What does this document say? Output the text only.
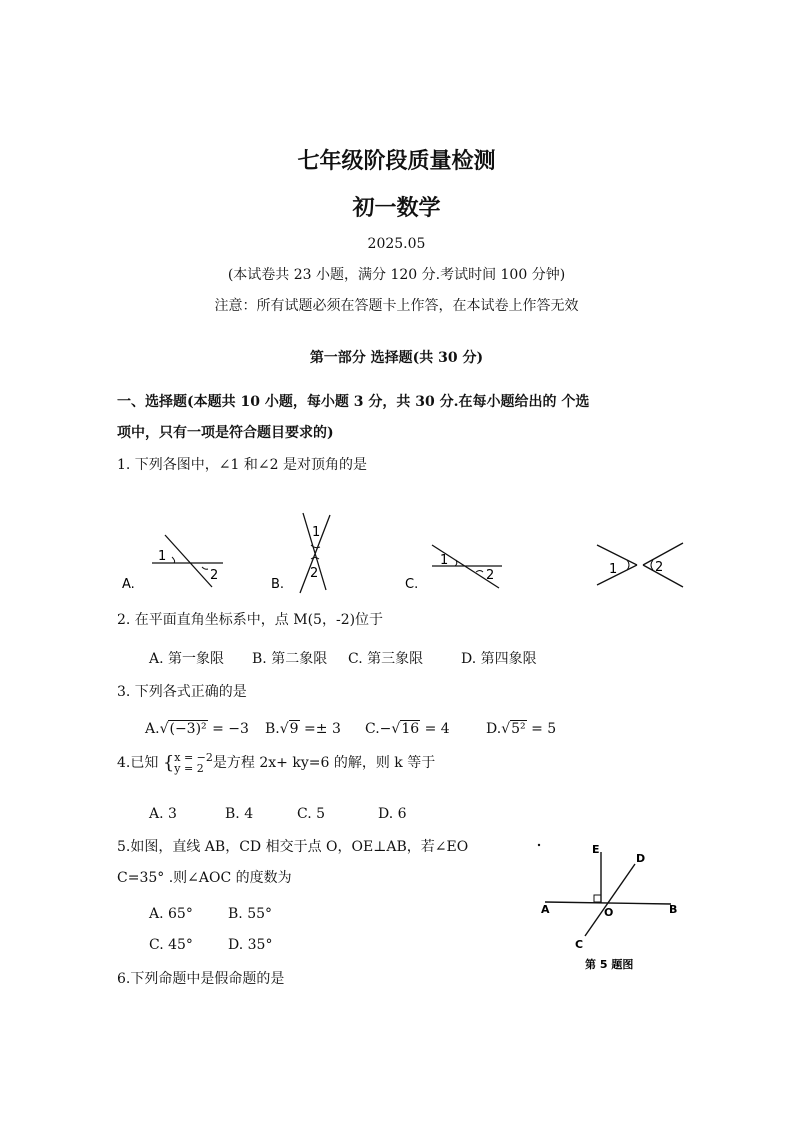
七年级阶段质量检测
初一数学
2025.05
(本试卷共 23 小题，满分 120 分.考试时间 100 分钟)
注意：所有试题必须在答题卡上作答，在本试卷上作答无效
第一部分 选择题(共 30 分)
一、选择题(本题共 10 小题，每小题 3 分，共 30 分.在每小题给出的 个选
项中，只有一项是符合题目要求的)
1. 下列各图中，∠1 和∠2 是对顶角的是
1
2
A.
1
2
B.
1
2
C.
1	2
2. 在平面直角坐标系中，点 M(5，-2)位于
A. 第一象限 B. 第二象限 C. 第三象限	D. 第四象限
3. 下列各式正确的是
A.√(−3)² = −3 B.√9 =± 3 C.−√16 = 4	D.√5² = 5
4.已知 {x = −2
y = 2 是方程 2x+ ky=6 的解，则 k 等于
A. 3	B. 4	C. 5	D. 6
5.如图，直线 AB，CD 相交于点 O，OE⊥AB，若∠EO
C=35° .则∠AOC 的度数为
A. 65°	B. 55°
C. 45°	D. 35°
E
D
A	O	B
C
第 5 题图
6.下列命题中是假命题的是
